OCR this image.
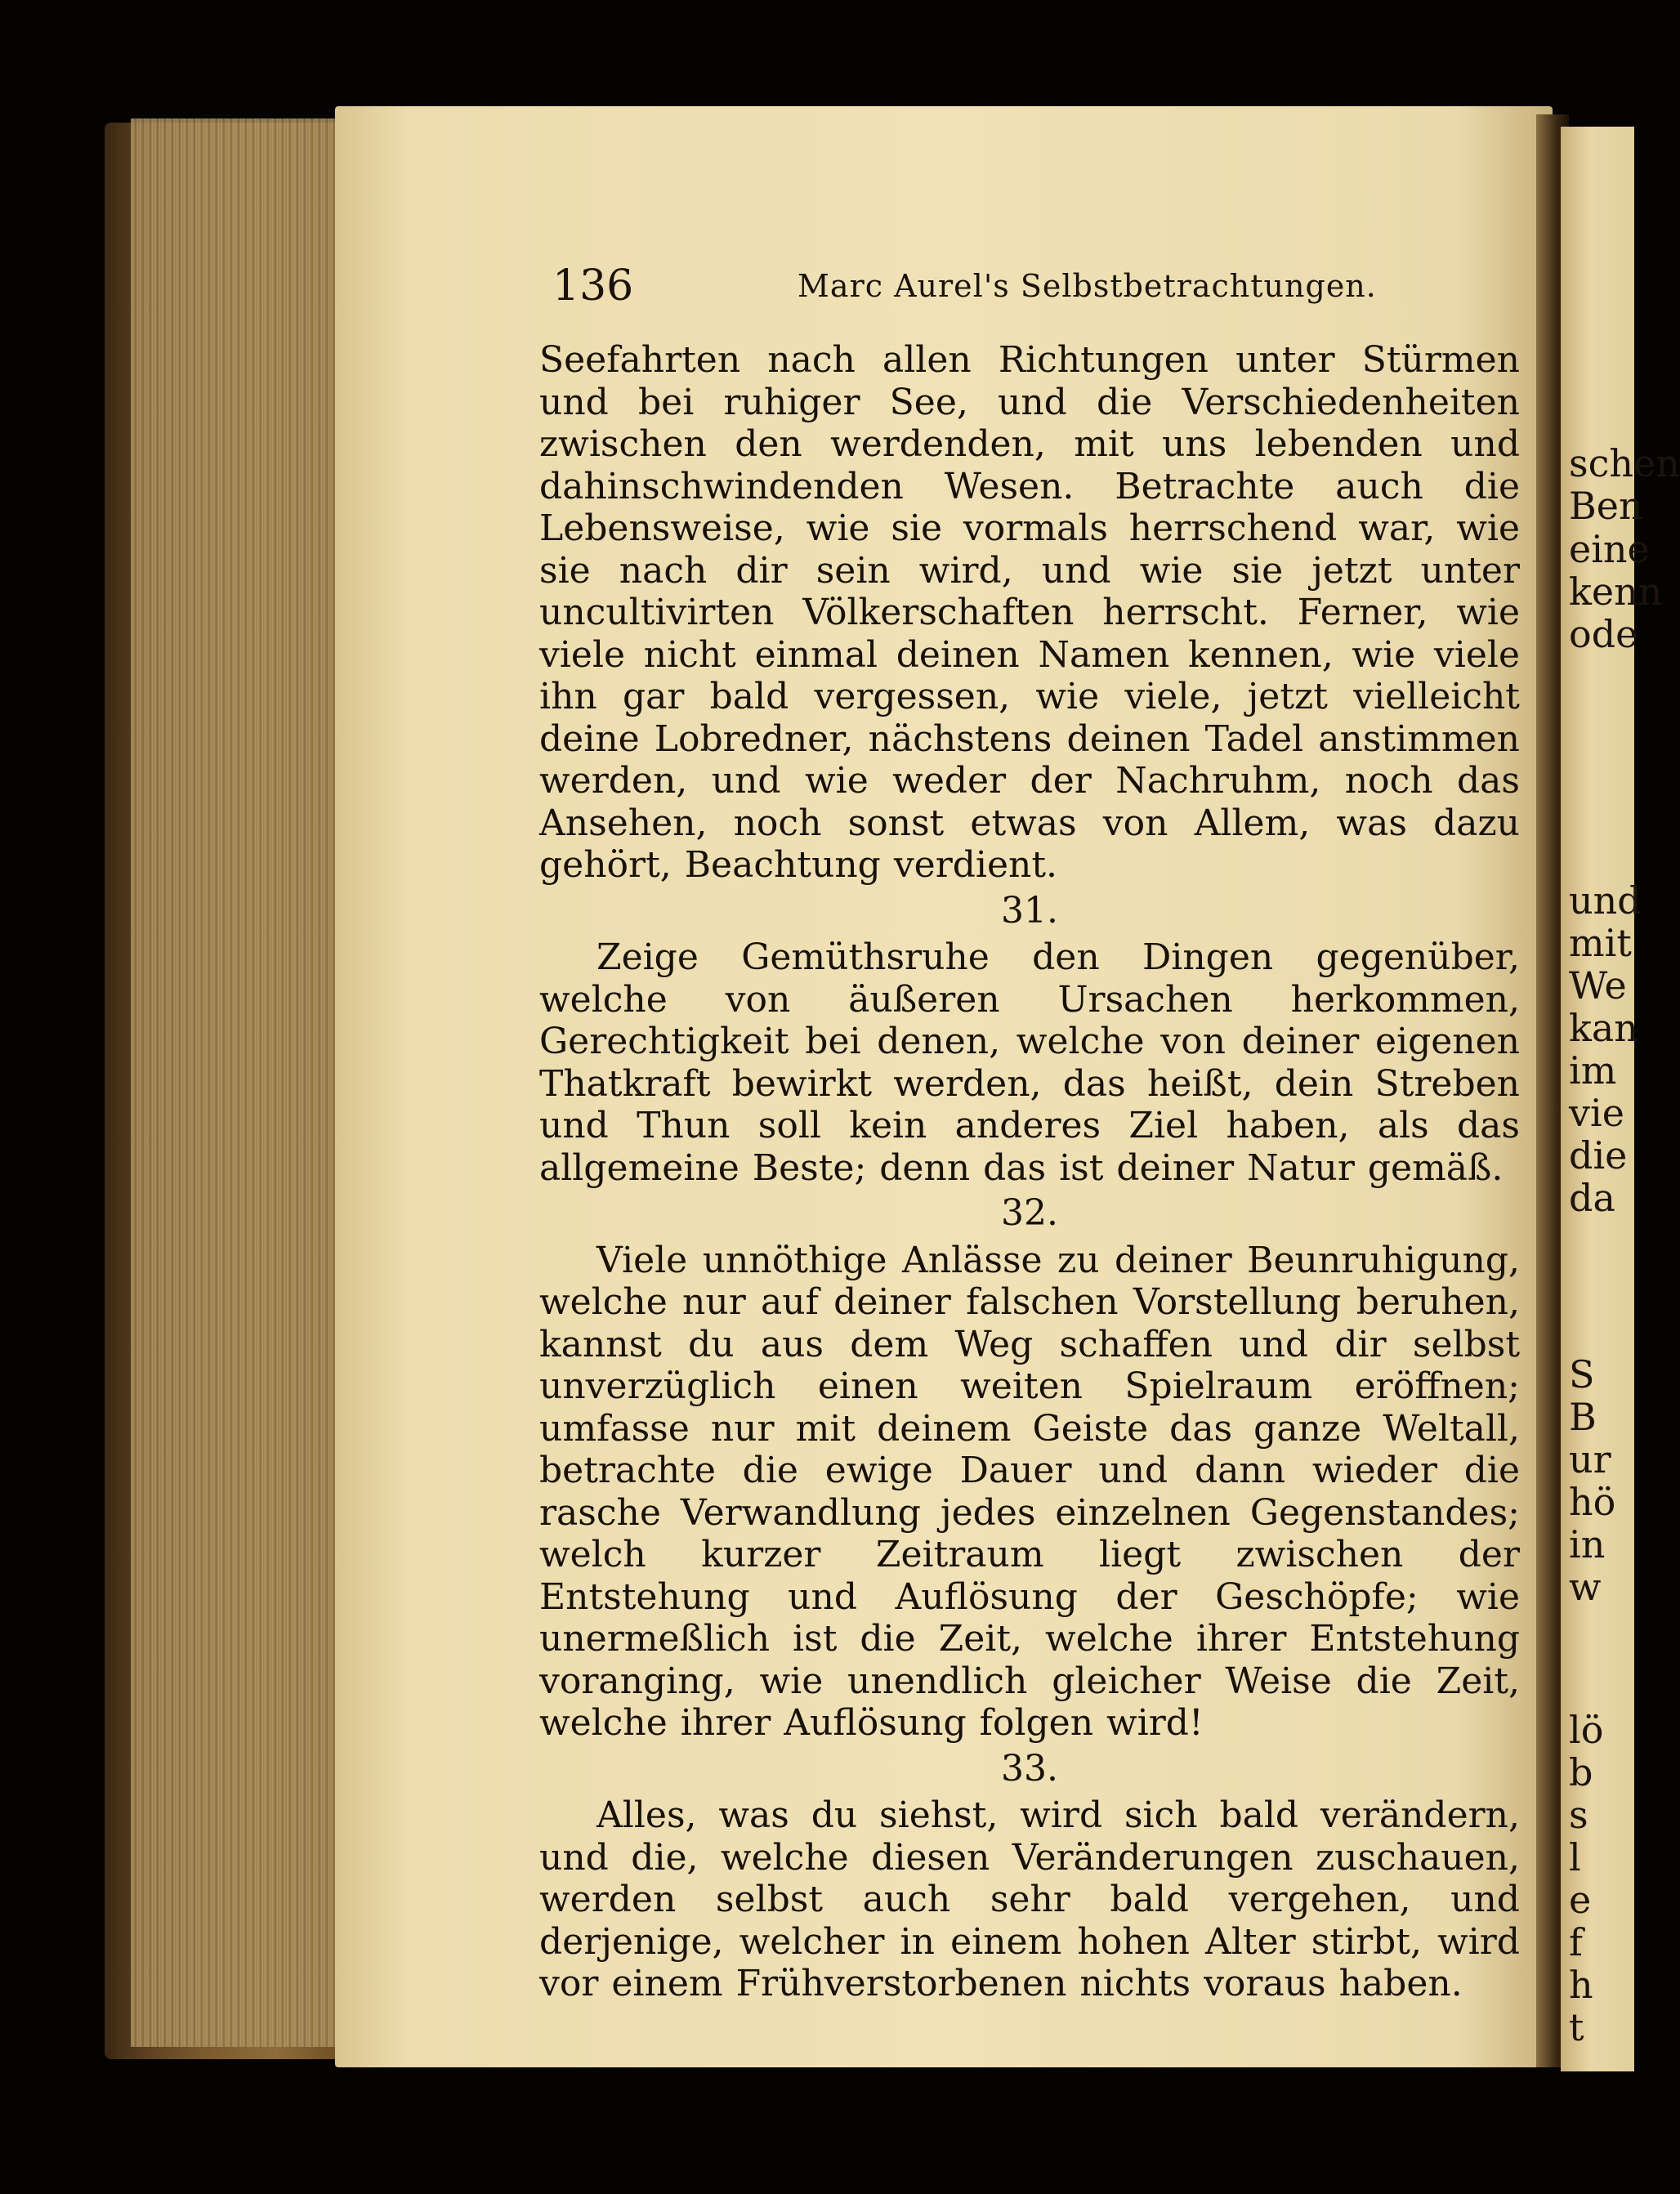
schen
Ben
eine
kenn
ode
und
mit
We
kan
im
vie
die
da
S
B
ur
hö
in
w
lö
b
s
l
e
f
h
t
136	Marc Aurel's Selbstbetrachtungen.

Seefahrten nach allen Richtungen unter Stürmen und bei ruhiger See, und die Verschiedenheiten zwischen den werdenden, mit uns lebenden und dahinschwindenden Wesen. Betrachte auch die Lebensweise, wie sie vormals herrschend war, wie sie nach dir sein wird, und wie sie jetzt unter uncultivirten Völkerschaften herrscht. Ferner, wie viele nicht einmal deinen Namen kennen, wie viele ihn gar bald vergessen, wie viele, jetzt vielleicht deine Lobredner, nächstens deinen Tadel anstimmen werden, und wie weder der Nachruhm, noch das Ansehen, noch sonst etwas von Allem, was dazu gehört, Beachtung verdient.

31.

Zeige Gemüthsruhe den Dingen gegenüber, welche von äußeren Ursachen herkommen, Gerechtigkeit bei denen, welche von deiner eigenen Thatkraft bewirkt werden, das heißt, dein Streben und Thun soll kein anderes Ziel haben, als das allgemeine Beste; denn das ist deiner Natur gemäß.

32.

Viele unnöthige Anlässe zu deiner Beunruhigung, welche nur auf deiner falschen Vorstellung beruhen, kannst du aus dem Weg schaffen und dir selbst unverzüglich einen weiten Spielraum eröffnen; umfasse nur mit deinem Geiste das ganze Weltall, betrachte die ewige Dauer und dann wieder die rasche Verwandlung jedes einzelnen Gegenstandes; welch kurzer Zeitraum liegt zwischen der Entstehung und Auflösung der Geschöpfe; wie unermeßlich ist die Zeit, welche ihrer Entstehung voranging, wie unendlich gleicher Weise die Zeit, welche ihrer Auflösung folgen wird!

33.

Alles, was du siehst, wird sich bald verändern, und die, welche diesen Veränderungen zuschauen, werden selbst auch sehr bald vergehen, und derjenige, welcher in einem hohen Alter stirbt, wird vor einem Frühverstorbenen nichts voraus haben.
